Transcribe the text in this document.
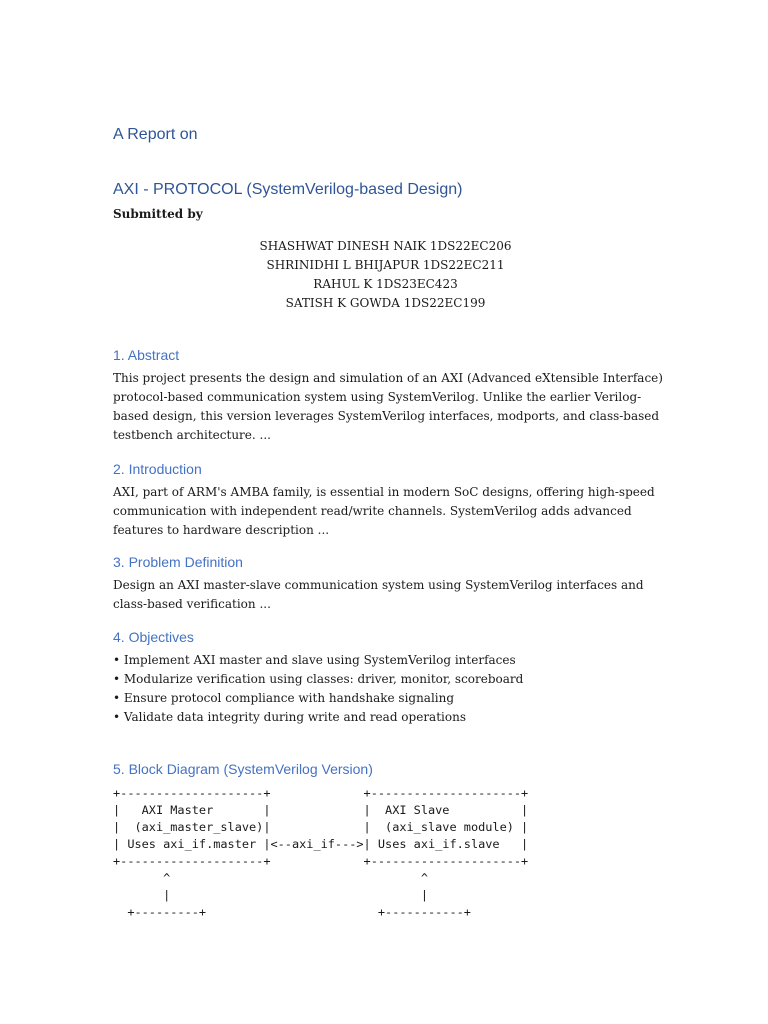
A Report on
AXI - PROTOCOL (SystemVerilog-based Design)
Submitted by
SHASHWAT DINESH NAIK 1DS22EC206
SHRINIDHI L BHIJAPUR 1DS22EC211
RAHUL K 1DS23EC423
SATISH K GOWDA 1DS22EC199
1. Abstract
This project presents the design and simulation of an AXI (Advanced eXtensible Interface)
protocol-based communication system using SystemVerilog. Unlike the earlier Verilog-
based design, this version leverages SystemVerilog interfaces, modports, and class-based
testbench architecture. ...
2. Introduction
AXI, part of ARM's AMBA family, is essential in modern SoC designs, offering high-speed
communication with independent read/write channels. SystemVerilog adds advanced
features to hardware description ...
3. Problem Definition
Design an AXI master-slave communication system using SystemVerilog interfaces and
class-based verification ...
4. Objectives
• Implement AXI master and slave using SystemVerilog interfaces
• Modularize verification using classes: driver, monitor, scoreboard
• Ensure protocol compliance with handshake signaling
• Validate data integrity during write and read operations
5. Block Diagram (SystemVerilog Version)
+--------------------+             +---------------------+
|   AXI Master       |             |  AXI Slave          |
|  (axi_master_slave)|             |  (axi_slave module) |
| Uses axi_if.master |<--axi_if--->| Uses axi_if.slave   |
+--------------------+             +---------------------+
^                                   ^
|                                   |
+---------+                        +-----------+
